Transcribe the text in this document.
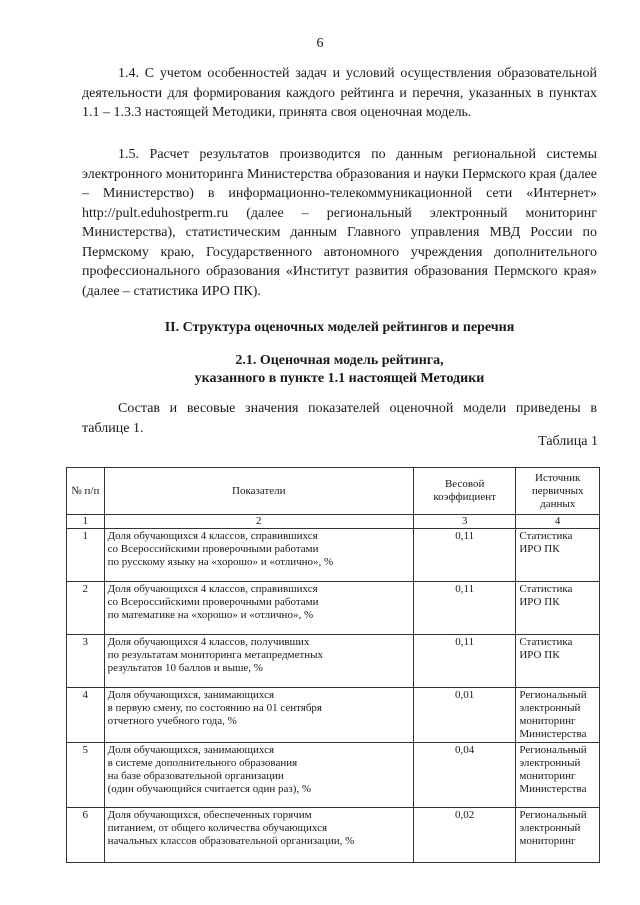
6

1.4. С учетом особенностей задач и условий осуществления образовательной деятельности для формирования каждого рейтинга и перечня, указанных в пунктах 1.1 – 1.3.3 настоящей Методики, принята своя оценочная модель.

1.5. Расчет результатов производится по данным региональной системы электронного мониторинга Министерства образования и науки Пермского края (далее – Министерство) в информационно-телекоммуникационной сети «Интернет» http://pult.eduhostperm.ru (далее – региональный электронный мониторинг Министерства), статистическим данным Главного управления МВД России по Пермскому краю, Государственного автономного учреждения дополнительного профессионального образования «Институт развития образования Пермского края» (далее – статистика ИРО ПК).

II. Структура оценочных моделей рейтингов и перечня
2.1. Оценочная модель рейтинга,
указанного в пункте 1.1 настоящей Методики

Состав и весовые значения показателей оценочной модели приведены в таблице 1.

Таблица 1
№ п/п	Показатели	Весовой коэффициент	Источник первичных данных
1	2	3	4
1	Доля обучающихся 4 классов, справившихся
со Всероссийскими проверочными работами
по русскому языку на «хорошо» и «отлично», %	0,11	Статистика
ИРО ПК
2	Доля обучающихся 4 классов, справившихся
со Всероссийскими проверочными работами
по математике на «хорошо» и «отлично», %	0,11	Статистика
ИРО ПК
3	Доля обучающихся 4 классов, получивших
по результатам мониторинга метапредметных
результатов 10 баллов и выше, %	0,11	Статистика
ИРО ПК
4	Доля обучающихся, занимающихся
в первую смену, по состоянию на 01 сентября
отчетного учебного года, %	0,01	Региональный
электронный
мониторинг
Министерства
5	Доля обучающихся, занимающихся
в системе дополнительного образования
на базе образовательной организации
(один обучающийся считается один раз), %	0,04	Региональный
электронный
мониторинг
Министерства
6	Доля обучающихся, обеспеченных горячим
питанием, от общего количества обучающихся
начальных классов образовательной организации, %	0,02	Региональный
электронный
мониторинг
